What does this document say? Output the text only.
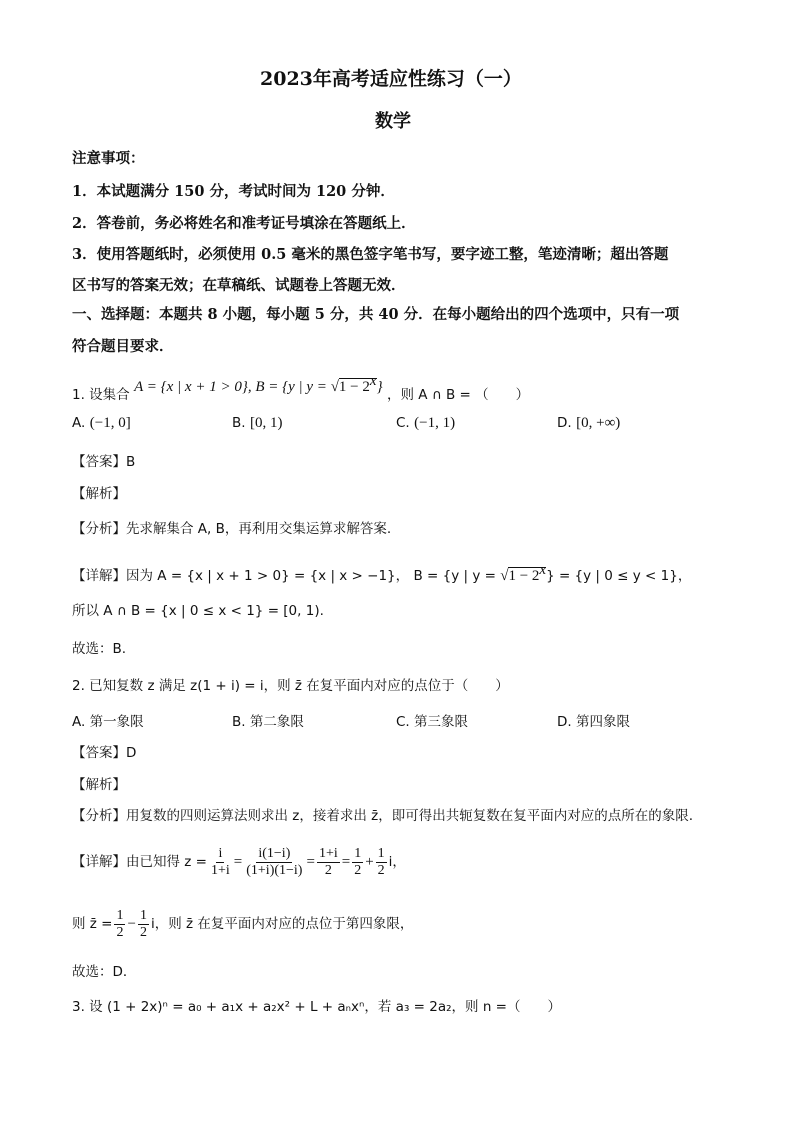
2023年高考适应性练习（一）
数学
注意事项：
1．本试题满分 150 分，考试时间为 120 分钟．
2．答卷前，务必将姓名和准考证号填涂在答题纸上．
3．使用答题纸时，必须使用 0.5 毫米的黑色签字笔书写，要字迹工整，笔迹清晰；超出答题
区书写的答案无效；在草稿纸、试题卷上答题无效．
一、选择题：本题共 8 小题，每小题 5 分，共 40 分．在每小题给出的四个选项中，只有一项
符合题目要求．
1. 设集合 A = {x | x + 1 > 0}, B = {y | $y = √1 - 2^x$} ，则 A ∩ B = （　　）
A. (−1, 0]	B. [0, 1)	C. (−1, 1)	D. [0, +∞)
【答案】B
【解析】
【分析】先求解集合 A, B，再利用交集运算求解答案.
【详解】因为 A = {x | x + 1 > 0} = {x | x > −1}， B = {y | $y = √1 - 2^x\} = \{y$ | 0 ≤ y < 1}，
所以 A ∩ B = {x | 0 ≤ x < 1} = [0, 1).
故选：B.
2. 已知复数 z 满足 z(1 + i) = i，则 z̄ 在复平面内对应的点位于（　　）
A. 第一象限	B. 第二象限	C. 第三象限	D. 第四象限
【答案】D
【解析】
【分析】用复数的四则运算法则求出 z，接着求出 z̄，即可得出共轭复数在复平面内对应的点所在的象限.
【详解】 由已知得 $z = \frac{i}{1+i} = \frac{i(1-i)}{(1+i)(1-i)} = \frac{1+i}{2} = \frac{1}{2} + \frac{1}{2}$ i，
则 z̄ = $\frac{1}{2} - \frac{1}{2}$ i，则 z̄ 在复平面内对应的点位于第四象限，
故选：D．
3. 设 (1 + 2x)ⁿ = a₀ + a₁x + a₂x² + L + aₙxⁿ，若 a₃ = 2a₂，则 n =（　　）
